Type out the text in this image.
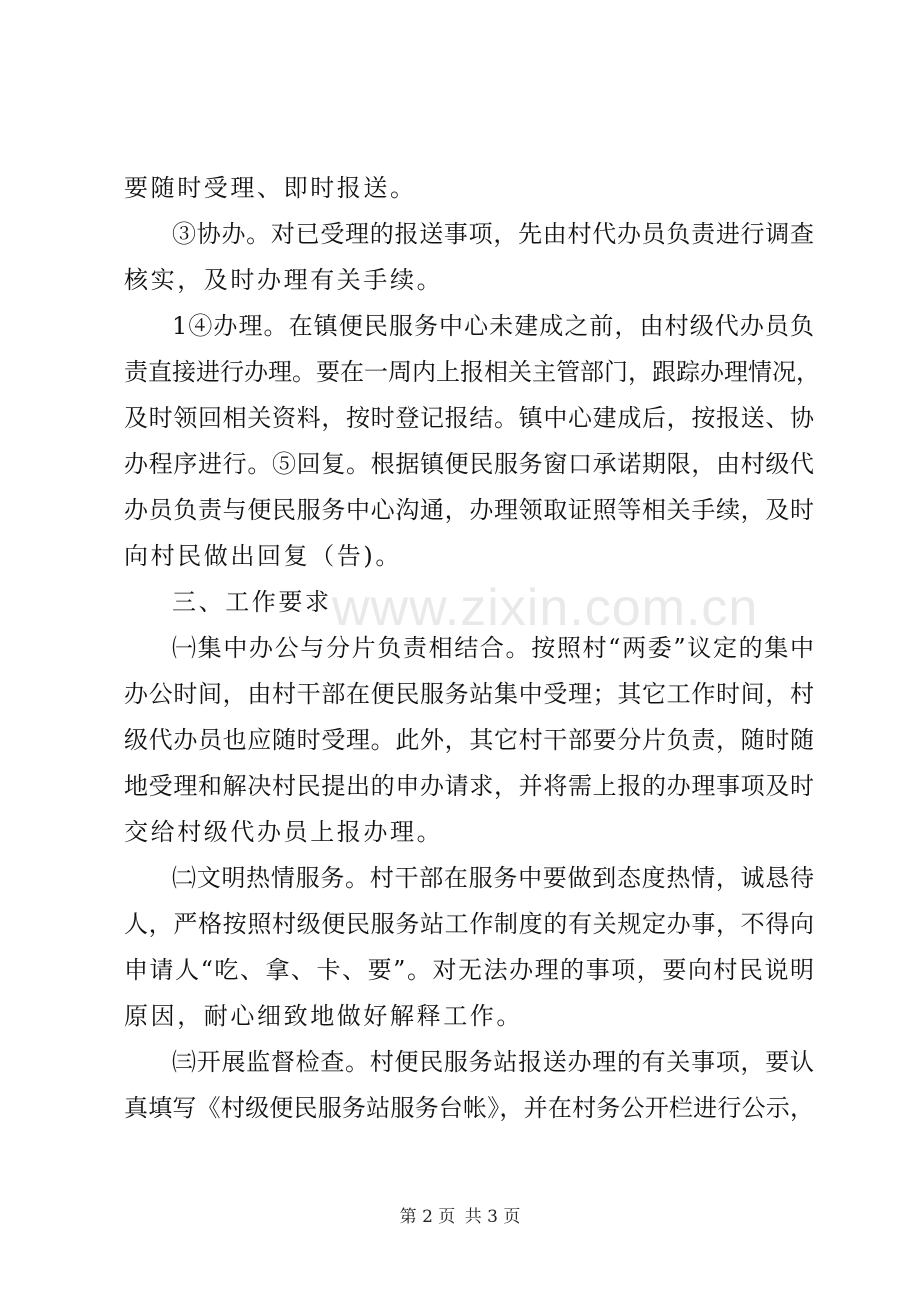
www.zixin.com.cn
要随时受理、即时报送。
③协办。对已受理的报送事项，先由村代办员负责进行调查
核实，及时办理有关手续。
1④办理。在镇便民服务中心未建成之前，由村级代办员负
责直接进行办理。要在一周内上报相关主管部门，跟踪办理情况，
及时领回相关资料，按时登记报结。镇中心建成后，按报送、协
办程序进行。⑤回复。根据镇便民服务窗口承诺期限，由村级代
办员负责与便民服务中心沟通，办理领取证照等相关手续，及时
向村民做出回复（告)。
三、工作要求
㈠集中办公与分片负责相结合。按照村“两委”议定的集中
办公时间，由村干部在便民服务站集中受理；其它工作时间，村
级代办员也应随时受理。此外，其它村干部要分片负责，随时随
地受理和解决村民提出的申办请求，并将需上报的办理事项及时
交给村级代办员上报办理。
㈡文明热情服务。村干部在服务中要做到态度热情，诚恳待
人，严格按照村级便民服务站工作制度的有关规定办事，不得向
申请人“吃、拿、卡、要”。对无法办理的事项，要向村民说明
原因，耐心细致地做好解释工作。
㈢开展监督检查。村便民服务站报送办理的有关事项，要认
真填写《村级便民服务站服务台帐》，并在村务公开栏进行公示，
第 2 页 共 3 页
